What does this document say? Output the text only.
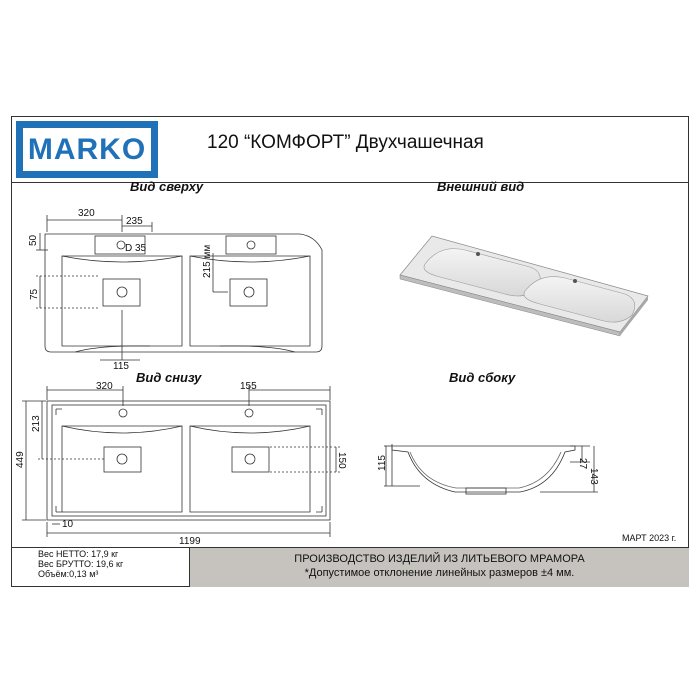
MARKO	120 “КОМФОРТ” Двухчашечная
Вид сверху	Внешний вид
Вид снизу	Вид сбоку
320
235
50
D 35	215 мм
75
115
320	155
213
449	150
10
1199
115	27
143
МАРТ 2023 г.
Вес НЕТТО: 17,9 кг
Вес БРУТТО: 19,6 кг
Объём:0,13 м³
ПРОИЗВОДСТВО ИЗДЕЛИЙ ИЗ ЛИТЬЕВОГО МРАМОРА
*Допустимое отклонение линейных размеров ±4 мм.
